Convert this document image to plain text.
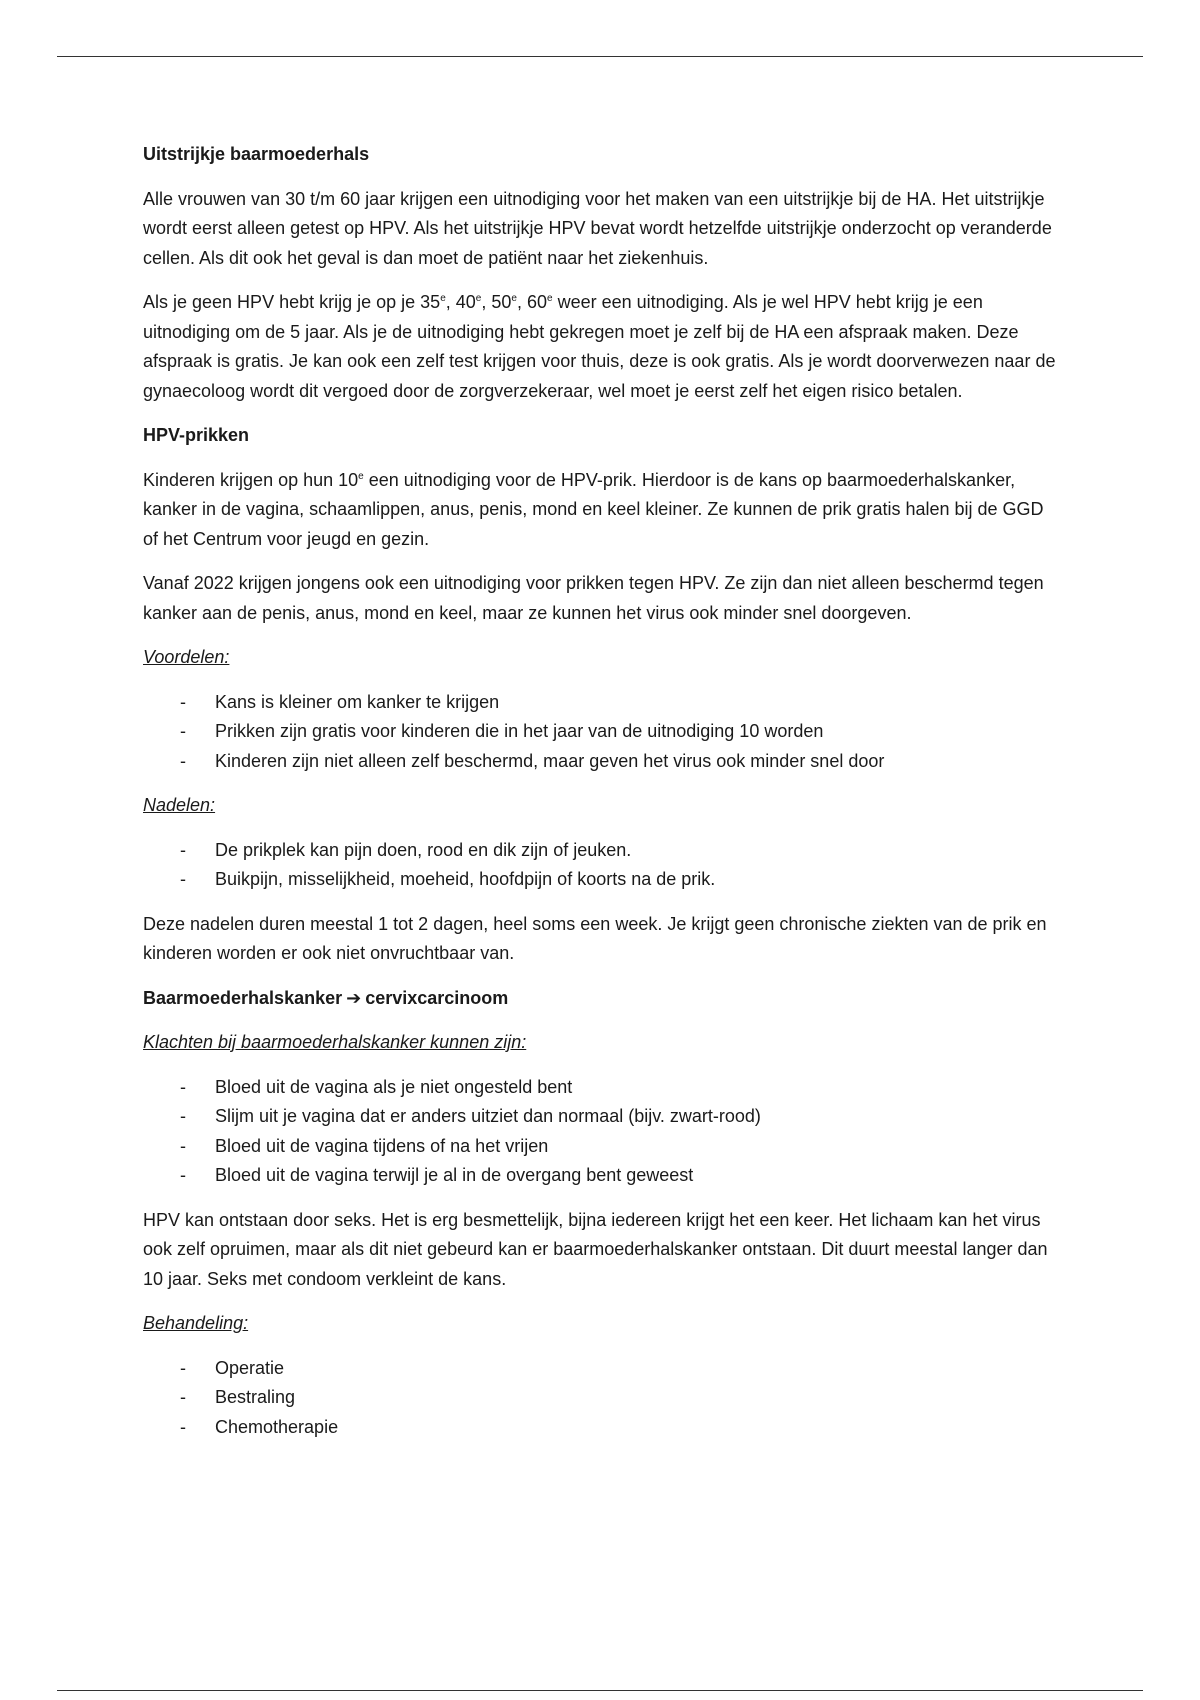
Uitstrijkje baarmoederhals

Alle vrouwen van 30 t/m 60 jaar krijgen een uitnodiging voor het maken van een uitstrijkje bij de HA. Het uitstrijkje wordt eerst alleen getest op HPV. Als het uitstrijkje HPV bevat wordt hetzelfde uitstrijkje onderzocht op veranderde cellen. Als dit ook het geval is dan moet de patiënt naar het ziekenhuis.

Als je geen HPV hebt krijg je op je 35e, 40e, 50e, 60e weer een uitnodiging. Als je wel HPV hebt krijg je een uitnodiging om de 5 jaar. Als je de uitnodiging hebt gekregen moet je zelf bij de HA een afspraak maken. Deze afspraak is gratis. Je kan ook een zelf test krijgen voor thuis, deze is ook gratis. Als je wordt doorverwezen naar de gynaecoloog wordt dit vergoed door de zorgverzekeraar, wel moet je eerst zelf het eigen risico betalen.

HPV-prikken

Kinderen krijgen op hun 10e een uitnodiging voor de HPV-prik. Hierdoor is de kans op baarmoederhalskanker, kanker in de vagina, schaamlippen, anus, penis, mond en keel kleiner. Ze kunnen de prik gratis halen bij de GGD of het Centrum voor jeugd en gezin.

Vanaf 2022 krijgen jongens ook een uitnodiging voor prikken tegen HPV. Ze zijn dan niet alleen beschermd tegen kanker aan de penis, anus, mond en keel, maar ze kunnen het virus ook minder snel doorgeven.

Voordelen:

- Kans is kleiner om kanker te krijgen
- Prikken zijn gratis voor kinderen die in het jaar van de uitnodiging 10 worden
- Kinderen zijn niet alleen zelf beschermd, maar geven het virus ook minder snel door

Nadelen:

- De prikplek kan pijn doen, rood en dik zijn of jeuken.
- Buikpijn, misselijkheid, moeheid, hoofdpijn of koorts na de prik.

Deze nadelen duren meestal 1 tot 2 dagen, heel soms een week. Je krijgt geen chronische ziekten van de prik en kinderen worden er ook niet onvruchtbaar van.

Baarmoederhalskanker ➔ cervixcarcinoom

Klachten bij baarmoederhalskanker kunnen zijn:

- Bloed uit de vagina als je niet ongesteld bent
- Slijm uit je vagina dat er anders uitziet dan normaal (bijv. zwart-rood)
- Bloed uit de vagina tijdens of na het vrijen
- Bloed uit de vagina terwijl je al in de overgang bent geweest

HPV kan ontstaan door seks. Het is erg besmettelijk, bijna iedereen krijgt het een keer. Het lichaam kan het virus ook zelf opruimen, maar als dit niet gebeurd kan er baarmoederhalskanker ontstaan. Dit duurt meestal langer dan 10 jaar. Seks met condoom verkleint de kans.

Behandeling:

- Operatie
- Bestraling
- Chemotherapie
